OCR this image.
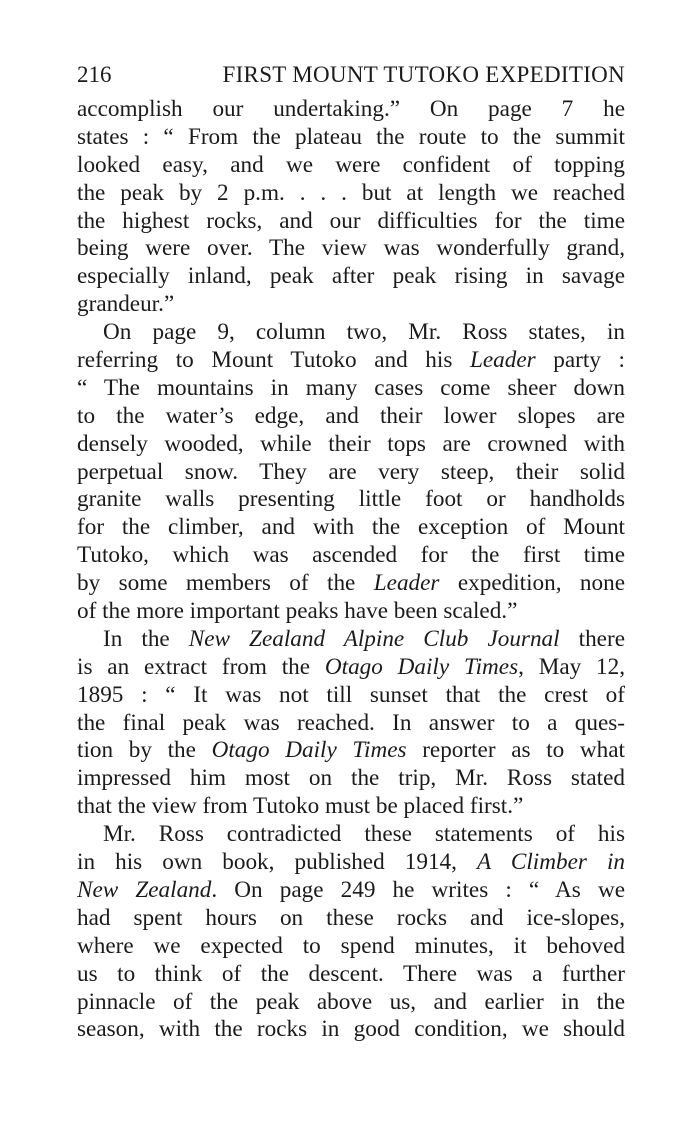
216	FIRST MOUNT TUTOKO EXPEDITION
accomplish our undertaking.” On page 7 he
states : “ From the plateau the route to the summit
looked easy, and we were confident of topping
the peak by 2 p.m. . . . but at length we reached
the highest rocks, and our difficulties for the time
being were over. The view was wonderfully grand,
especially inland, peak after peak rising in savage
grandeur.”
On page 9, column two, Mr. Ross states, in
referring to Mount Tutoko and his Leader party :
“ The mountains in many cases come sheer down
to the water’s edge, and their lower slopes are
densely wooded, while their tops are crowned with
perpetual snow. They are very steep, their solid
granite walls presenting little foot or handholds
for the climber, and with the exception of Mount
Tutoko, which was ascended for the first time
by some members of the Leader expedition, none
of the more important peaks have been scaled.”
In the New Zealand Alpine Club Journal there
is an extract from the Otago Daily Times, May 12,
1895 : “ It was not till sunset that the crest of
the final peak was reached. In answer to a ques-
tion by the Otago Daily Times reporter as to what
impressed him most on the trip, Mr. Ross stated
that the view from Tutoko must be placed first.”
Mr. Ross contradicted these statements of his
in his own book, published 1914, A Climber in
New Zealand. On page 249 he writes : “ As we
had spent hours on these rocks and ice-slopes,
where we expected to spend minutes, it behoved
us to think of the descent. There was a further
pinnacle of the peak above us, and earlier in the
season, with the rocks in good condition, we should
